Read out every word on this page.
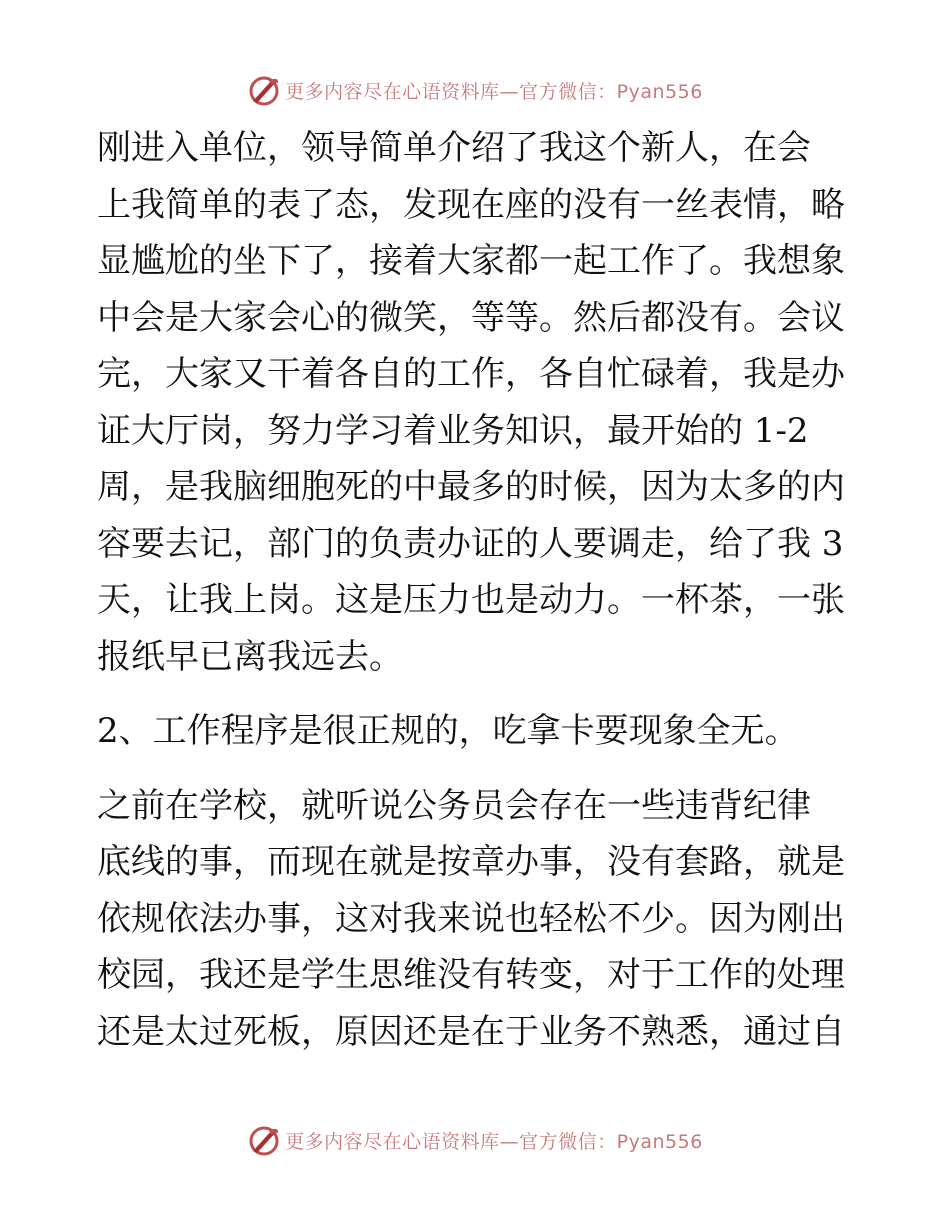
更多内容尽在心语资料库—官方微信：Pyan556
刚进入单位，领导简单介绍了我这个新人，在会
上我简单的表了态，发现在座的没有一丝表情，略
显尴尬的坐下了，接着大家都一起工作了。我想象
中会是大家会心的微笑，等等。然后都没有。会议
完，大家又干着各自的工作，各自忙碌着，我是办
证大厅岗，努力学习着业务知识，最开始的 1-2
周，是我脑细胞死的中最多的时候，因为太多的内
容要去记，部门的负责办证的人要调走，给了我 3
天，让我上岗。这是压力也是动力。一杯茶，一张
报纸早已离我远去。
2、工作程序是很正规的，吃拿卡要现象全无。
之前在学校，就听说公务员会存在一些违背纪律
底线的事，而现在就是按章办事，没有套路，就是
依规依法办事，这对我来说也轻松不少。因为刚出
校园，我还是学生思维没有转变，对于工作的处理
还是太过死板，原因还是在于业务不熟悉，通过自
更多内容尽在心语资料库—官方微信：Pyan556
